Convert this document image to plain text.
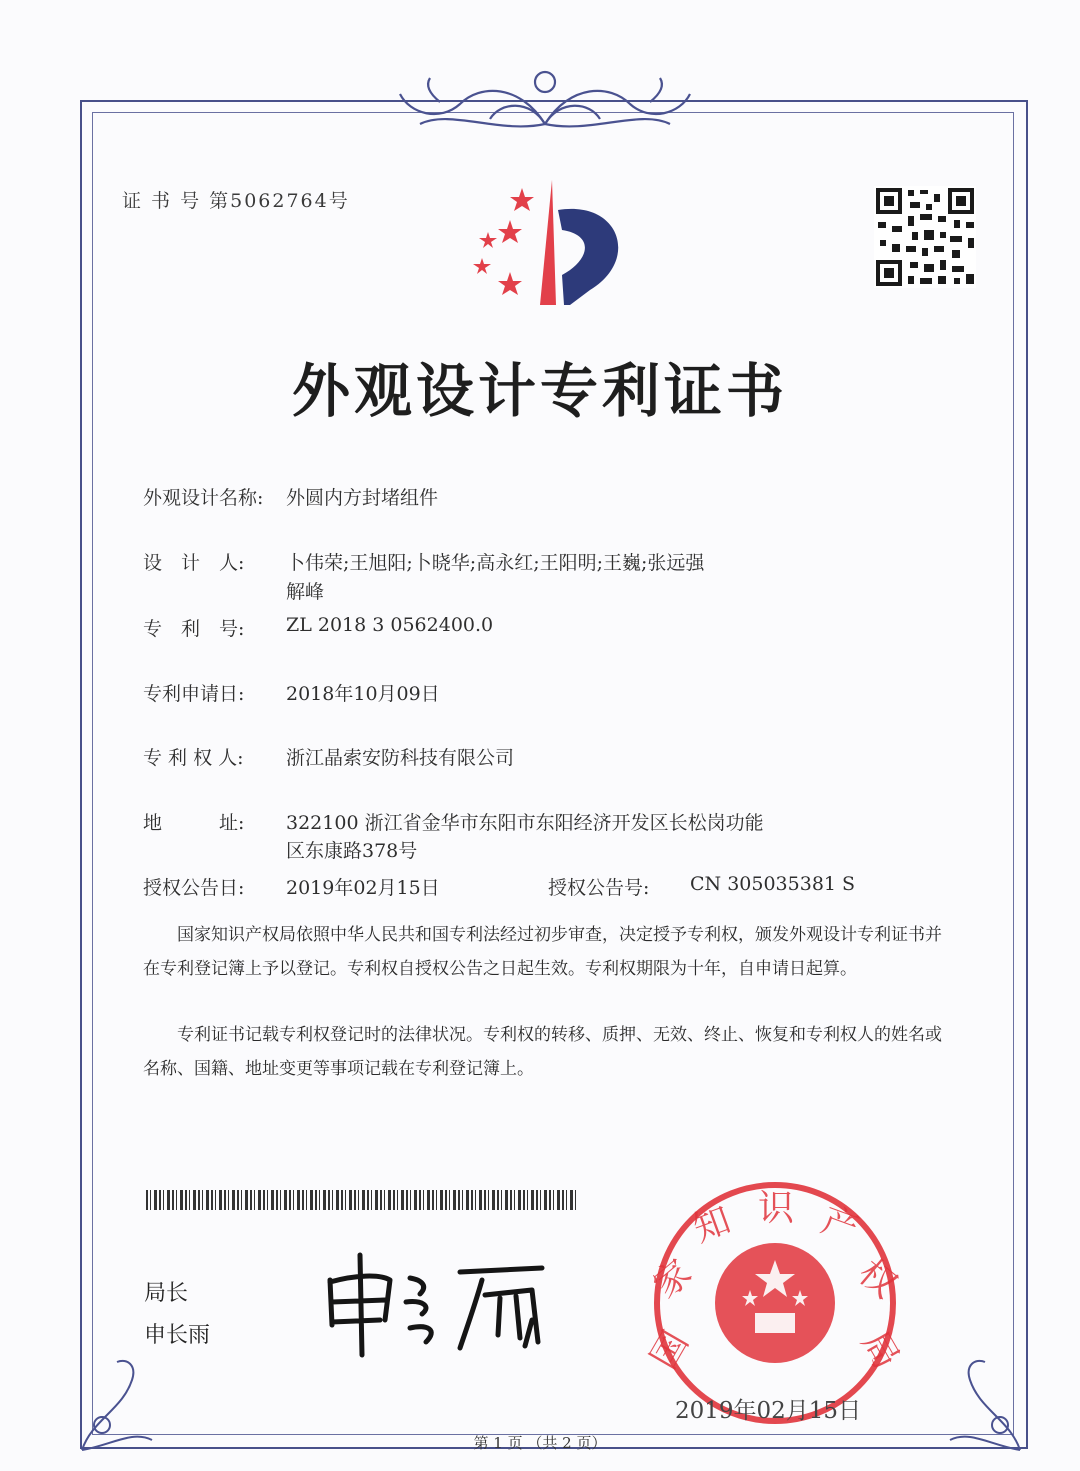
证 书 号 第5062764号
外观设计专利证书
外观设计名称: 外圆内方封堵组件
设　计　人: 卜伟荣;王旭阳;卜晓华;高永红;王阳明;王巍;张远强
解峰
专　利　号: ZL 2018 3 0562400.0
专利申请日: 2018年10月09日
专 利 权 人: 浙江晶索安防科技有限公司
地　　　址: 322100 浙江省金华市东阳市东阳经济开发区长松岗功能
区东康路378号
授权公告日: 2019年02月15日	授权公告号: CN 305035381 S
国家知识产权局依照中华人民共和国专利法经过初步审查，决定授予专利权，颁发外观设计专利证书并在专利登记簿上予以登记。专利权自授权公告之日起生效。专利权期限为十年，自申请日起算。
专利证书记载专利权登记时的法律状况。专利权的转移、质押、无效、终止、恢复和专利权人的姓名或名称、国籍、地址变更等事项记载在专利登记簿上。
局长
申长雨	国
家
知 识 产
权
局
2019年02月15日
第 1 页 （共 2 页）
